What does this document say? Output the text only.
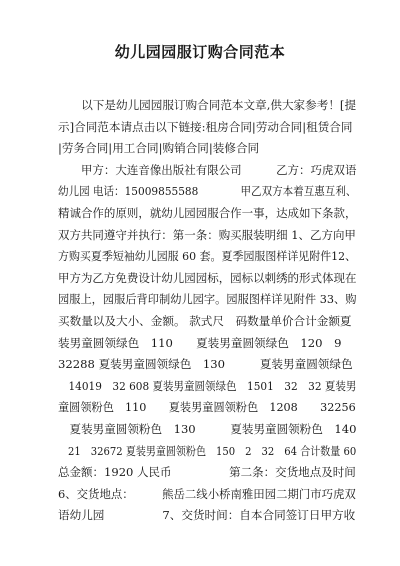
幼儿园园服订购合同范本
　　以下是幼儿园园服订购合同范本文章,供大家参考！[提
示]合同范本请点击以下链接:租房合同|劳动合同|租赁合同
|劳务合同|用工合同|购销合同|装修合同
　　甲方：大连音像出版社有限公司　　　乙方：巧虎双语
幼儿园 电话：15009855588　　　　甲乙双方本着互惠互利、
精诚合作的原则，就幼儿园园服合作一事，达成如下条款，
双方共同遵守并执行：第一条：购买服装明细 1、乙方向甲
方购买夏季短袖幼儿园服 60 套。夏季园服图样详见附件12、
甲方为乙方免费设计幼儿园园标，园标以剌绣的形式体现在
园服上，园服后背印制幼儿园字。园服图样详见附件 33、购
买数量以及大小、金额。 款式尺　码数量单价合计金额夏
装男童圆领绿色　110　　夏装男童圆领绿色　120　9
32288 夏装男童圆领绿色　130　　　夏装男童圆领绿色
　14019　32 608 夏装男童圆领绿色　1501　32　32 夏装男
童圆领粉色　110　　夏装男童圆领粉色　1208　　32256
　夏装男童圆领粉色　130　　　夏装男童圆领粉色　140
　21　32672 夏装男童圆领粉色　150　2　32　64 合计数量 60
总金额：1920 人民币　　　　　第二条：交货地点及时间
6、交货地点：　　　熊岳二线小桥南雅田园二期门市巧虎双
语幼儿园　　　　　7、交货时间：自本合同签订日甲方收
